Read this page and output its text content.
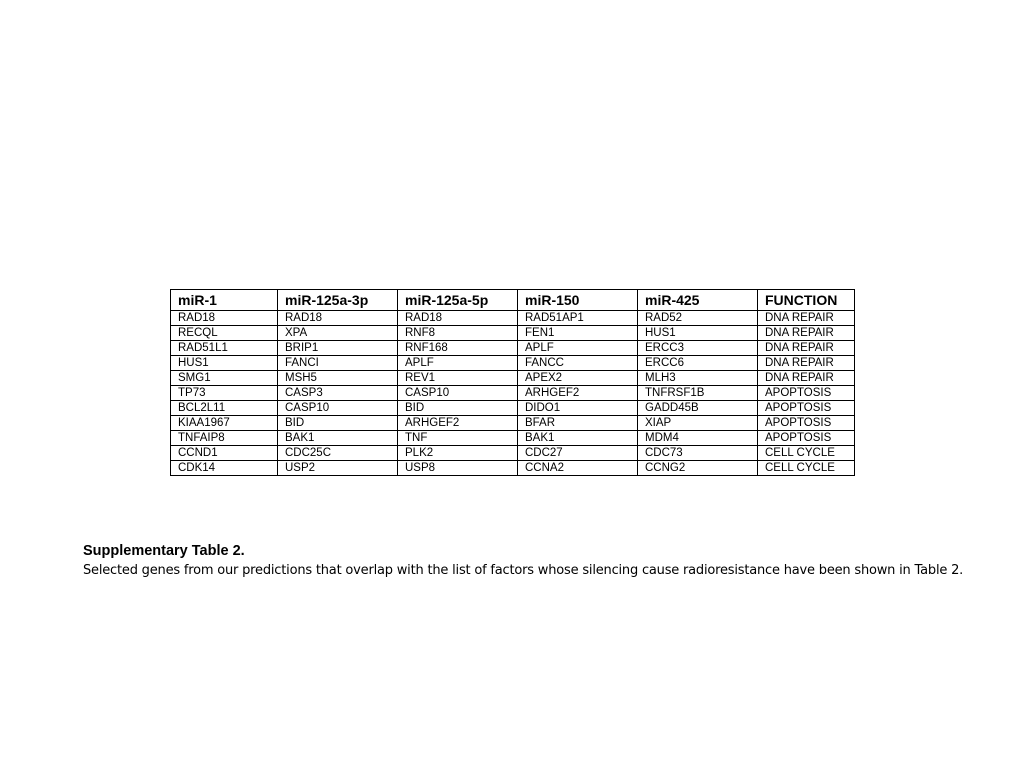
miR-1	miR-125a-3p	miR-125a-5p	miR-150	miR-425	FUNCTION
RAD18	RAD18	RAD18	RAD51AP1	RAD52	DNA REPAIR
RECQL	XPA	RNF8	FEN1	HUS1	DNA REPAIR
RAD51L1	BRIP1	RNF168	APLF	ERCC3	DNA REPAIR
HUS1	FANCI	APLF	FANCC	ERCC6	DNA REPAIR
SMG1	MSH5	REV1	APEX2	MLH3	DNA REPAIR
TP73	CASP3	CASP10	ARHGEF2	TNFRSF1B	APOPTOSIS
BCL2L11	CASP10	BID	DIDO1	GADD45B	APOPTOSIS
KIAA1967	BID	ARHGEF2	BFAR	XIAP	APOPTOSIS
TNFAIP8	BAK1	TNF	BAK1	MDM4	APOPTOSIS
CCND1	CDC25C	PLK2	CDC27	CDC73	CELL CYCLE
CDK14	USP2	USP8	CCNA2	CCNG2	CELL CYCLE
Supplementary Table 2.
Selected genes from our predictions that overlap with the list of factors whose silencing cause radioresistance have been shown in Table 2.
